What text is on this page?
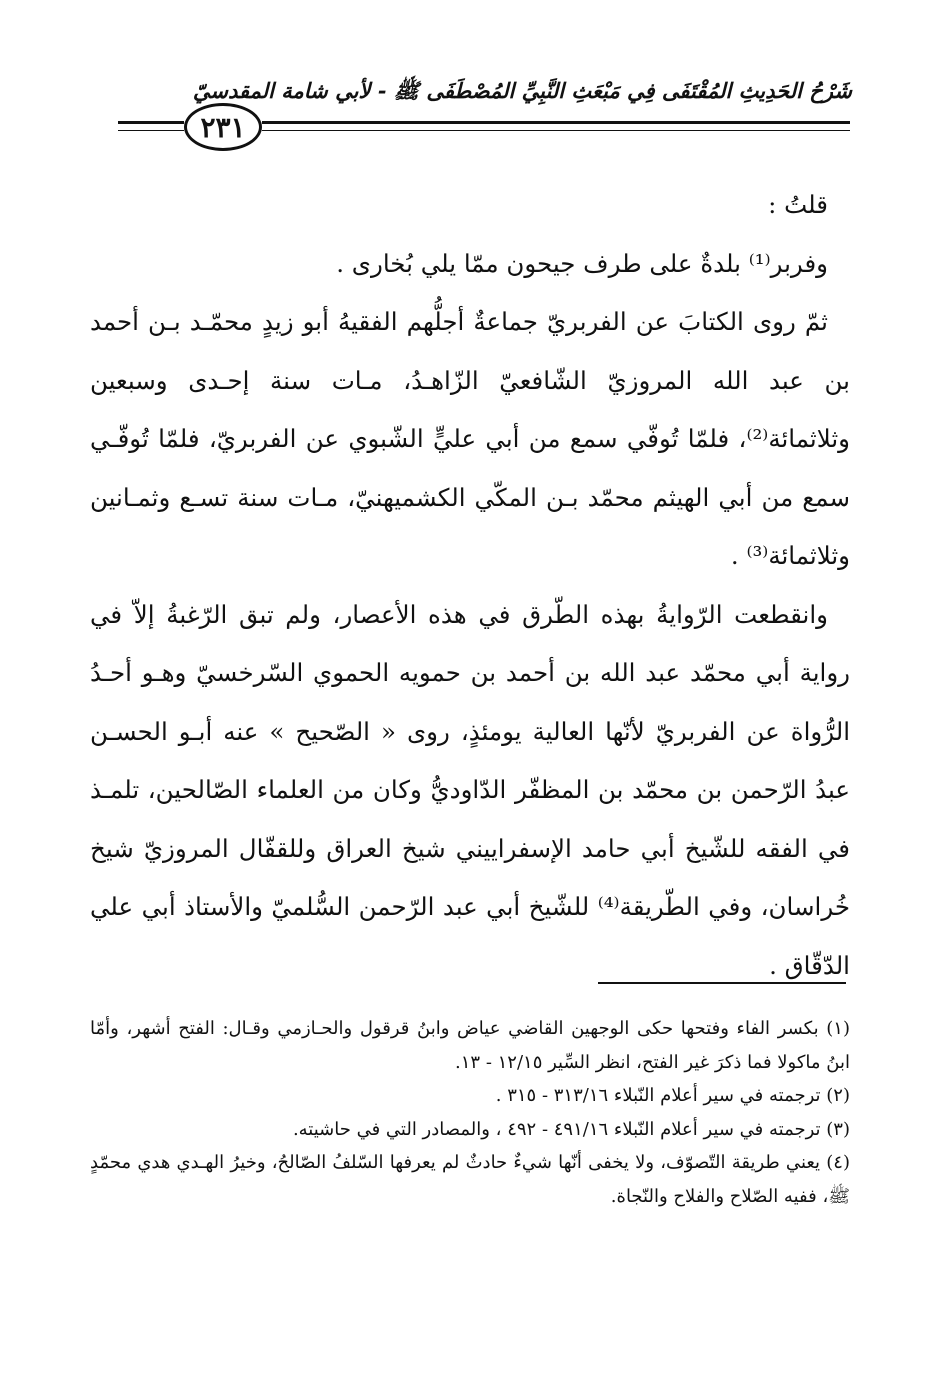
شَرْحُ الحَدِيثِ المُقْتَفَى فِي مَبْعَثِ النَّبِيِّ المُصْطَفَى ﷺ - لأبي شامة المقدسيّ
٢٣١

قلتُ :

وفربر⁽¹⁾ بلدةٌ على طرف جيحون ممّا يلي بُخارى .

ثمّ روى الكتابَ عن الفربريّ جماعةٌ أجلُّهم الفقيهُ أبو زيدٍ محمّـد بـن أحمد بن عبد الله المروزيّ الشّافعيّ الزّاهـدُ، مـات سنة إحـدى وسبعين وثلاثمائة⁽²⁾، فلمّا تُوفّي سمع من أبي عليٍّ الشّبوي عن الفربريّ، فلمّا تُوفّـي سمع من أبي الهيثم محمّد بـن المكّي الكشميهنيّ، مـات سنة تسـع وثمـانين وثلاثمائة⁽³⁾ .

وانقطعت الرّوايةُ بهذه الطّرق في هذه الأعصار، ولم تبق الرّغبةُ إلاّ في رواية أبي محمّد عبد الله بن أحمد بن حمويه الحموي السّرخسيّ وهـو أحـدُ الرُّواة عن الفربريّ لأنّها العالية يومئذٍ، روى « الصّحيح » عنه أبـو الحسـن عبدُ الرّحمن بن محمّد بن المظفّر الدّاوديُّ وكان من العلماء الصّالحين، تلمـذ في الفقه للشّيخ أبي حامد الإسفراييني شيخ العراق وللقفّال المروزيّ شيخ خُراسان، وفي الطّريقة⁽⁴⁾ للشّيخ أبي عبد الرّحمن السُّلميّ والأستاذ أبي علي الدّقّاق .

(١) بكسر الفاء وفتحها حكى الوجهين القاضي عياض وابنُ قرقول والحـازمي وقـال: الفتح أشهر، وأمّا ابنُ ماكولا فما ذكرَ غير الفتح، انظر السِّير ١٢/١٥ - ١٣.

(٢) ترجمته في سير أعلام النّبلاء ٣١٣/١٦ - ٣١٥ .

(٣) ترجمته في سير أعلام النّبلاء ٤٩١/١٦ - ٤٩٢ ، والمصادر التي في حاشيته.

(٤) يعني طريقة التّصوّف، ولا يخفى أنّها شيءٌ حادثٌ لم يعرفها السّلفُ الصّالحُ، وخيرُ الهـدي هدي محمّدٍ ﷺ، ففيه الصّلاح والفلاح والنّجاة.
